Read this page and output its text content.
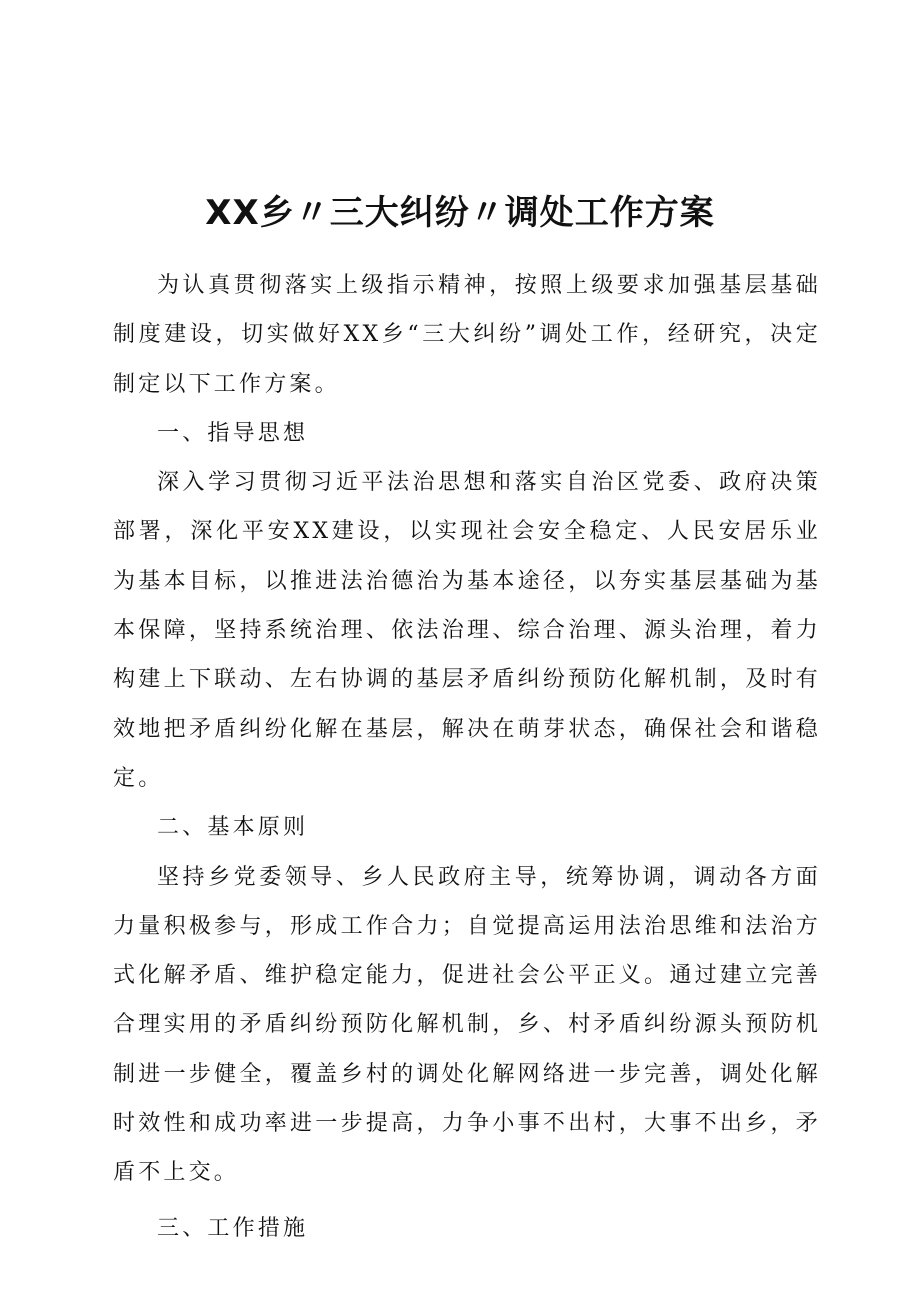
XX乡〃三大纠纷〃调处工作方案

为认真贯彻落实上级指示精神，按照上级要求加强基层基础制度建设，切实做好XX乡“三大纠纷”调处工作，经研究，决定制定以下工作方案。

一、指导思想

深入学习贯彻习近平法治思想和落实自治区党委、政府决策部署，深化平安XX建设，以实现社会安全稳定、人民安居乐业为基本目标，以推进法治德治为基本途径，以夯实基层基础为基本保障，坚持系统治理、依法治理、综合治理、源头治理，着力构建上下联动、左右协调的基层矛盾纠纷预防化解机制，及时有效地把矛盾纠纷化解在基层，解决在萌芽状态，确保社会和谐稳定。

二、基本原则

坚持乡党委领导、乡人民政府主导，统筹协调，调动各方面力量积极参与，形成工作合力；自觉提高运用法治思维和法治方式化解矛盾、维护稳定能力，促进社会公平正义。通过建立完善合理实用的矛盾纠纷预防化解机制，乡、村矛盾纠纷源头预防机制进一步健全，覆盖乡村的调处化解网络进一步完善，调处化解时效性和成功率进一步提高，力争小事不出村，大事不出乡，矛盾不上交。

三、工作措施
